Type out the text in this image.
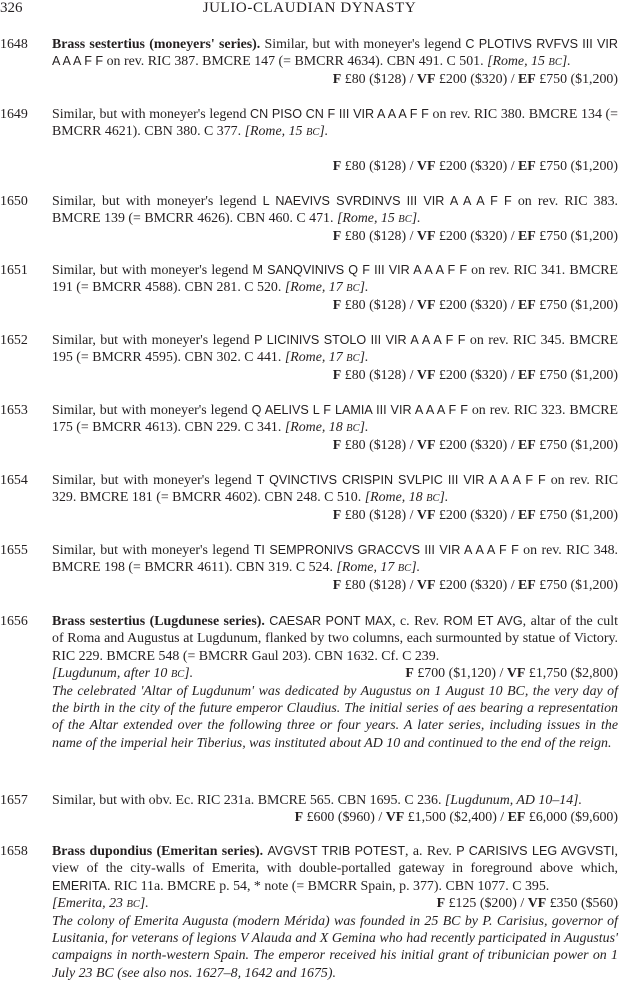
326	JULIO-CLAUDIAN DYNASTY
1648 Brass sestertius (moneyers' series). Similar, but with moneyer's legend C PLOTIVS RVFVS III VIR A A A F F on rev. RIC 387. BMCRE 147 (= BMCRR 4634). CBN 491. C 501. [Rome, 15 BC].
F £80 ($128) / VF £200 ($320) / EF £750 ($1,200)
1649 Similar, but with moneyer's legend CN PISO CN F III VIR A A A F F on rev. RIC 380. BMCRE 134 (= BMCRR 4621). CBN 380. C 377. [Rome, 15 BC].
F £80 ($128) / VF £200 ($320) / EF £750 ($1,200)
1650 Similar, but with moneyer's legend L NAEVIVS SVRDINVS III VIR A A A F F on rev. RIC 383. BMCRE 139 (= BMCRR 4626). CBN 460. C 471. [Rome, 15 BC].
F £80 ($128) / VF £200 ($320) / EF £750 ($1,200)
1651 Similar, but with moneyer's legend M SANQVINIVS Q F III VIR A A A F F on rev. RIC 341. BMCRE 191 (= BMCRR 4588). CBN 281. C 520. [Rome, 17 BC].
F £80 ($128) / VF £200 ($320) / EF £750 ($1,200)
1652 Similar, but with moneyer's legend P LICINIVS STOLO III VIR A A A F F on rev. RIC 345. BMCRE 195 (= BMCRR 4595). CBN 302. C 441. [Rome, 17 BC].
F £80 ($128) / VF £200 ($320) / EF £750 ($1,200)
1653 Similar, but with moneyer's legend Q AELIVS L F LAMIA III VIR A A A F F on rev. RIC 323. BMCRE 175 (= BMCRR 4613). CBN 229. C 341. [Rome, 18 BC].
F £80 ($128) / VF £200 ($320) / EF £750 ($1,200)
1654 Similar, but with moneyer's legend T QVINCTIVS CRISPIN SVLPIC III VIR A A A F F on rev. RIC 329. BMCRE 181 (= BMCRR 4602). CBN 248. C 510. [Rome, 18 BC].
F £80 ($128) / VF £200 ($320) / EF £750 ($1,200)
1655 Similar, but with moneyer's legend TI SEMPRONIVS GRACCVS III VIR A A A F F on rev. RIC 348. BMCRE 198 (= BMCRR 4611). CBN 319. C 524. [Rome, 17 BC].
F £80 ($128) / VF £200 ($320) / EF £750 ($1,200)
1656 Brass sestertius (Lugdunese series). CAESAR PONT MAX, c. Rev. ROM ET AVG, altar of the cult of Roma and Augustus at Lugdunum, flanked by two columns, each surmounted by statue of Victory. RIC 229. BMCRE 548 (= BMCRR Gaul 203). CBN 1632. Cf. C 239.
[Lugdunum, after 10 BC].	F £700 ($1,120) / VF £1,750 ($2,800)
The celebrated 'Altar of Lugdunum' was dedicated by Augustus on 1 August 10 BC, the very day of the birth in the city of the future emperor Claudius. The initial series of aes bearing a representation of the Altar extended over the following three or four years. A later series, including issues in the name of the imperial heir Tiberius, was instituted about AD 10 and continued to the end of the reign.
1657 Similar, but with obv. Ec. RIC 231a. BMCRE 565. CBN 1695. C 236. [Lugdunum, AD 10–14].
F £600 ($960) / VF £1,500 ($2,400) / EF £6,000 ($9,600)
1658 Brass dupondius (Emeritan series). AVGVST TRIB POTEST, a. Rev. P CARISIVS LEG AVGVSTI, view of the city-walls of Emerita, with double-portalled gateway in foreground above which, EMERITA. RIC 11a. BMCRE p. 54, * note (= BMCRR Spain, p. 377). CBN 1077. C 395.
[Emerita, 23 BC].	F £125 ($200) / VF £350 ($560)
The colony of Emerita Augusta (modern Mérida) was founded in 25 BC by P. Carisius, governor of Lusitania, for veterans of legions V Alauda and X Gemina who had recently participated in Augustus' campaigns in north-western Spain. The emperor received his initial grant of tribunician power on 1 July 23 BC (see also nos. 1627–8, 1642 and 1675).
